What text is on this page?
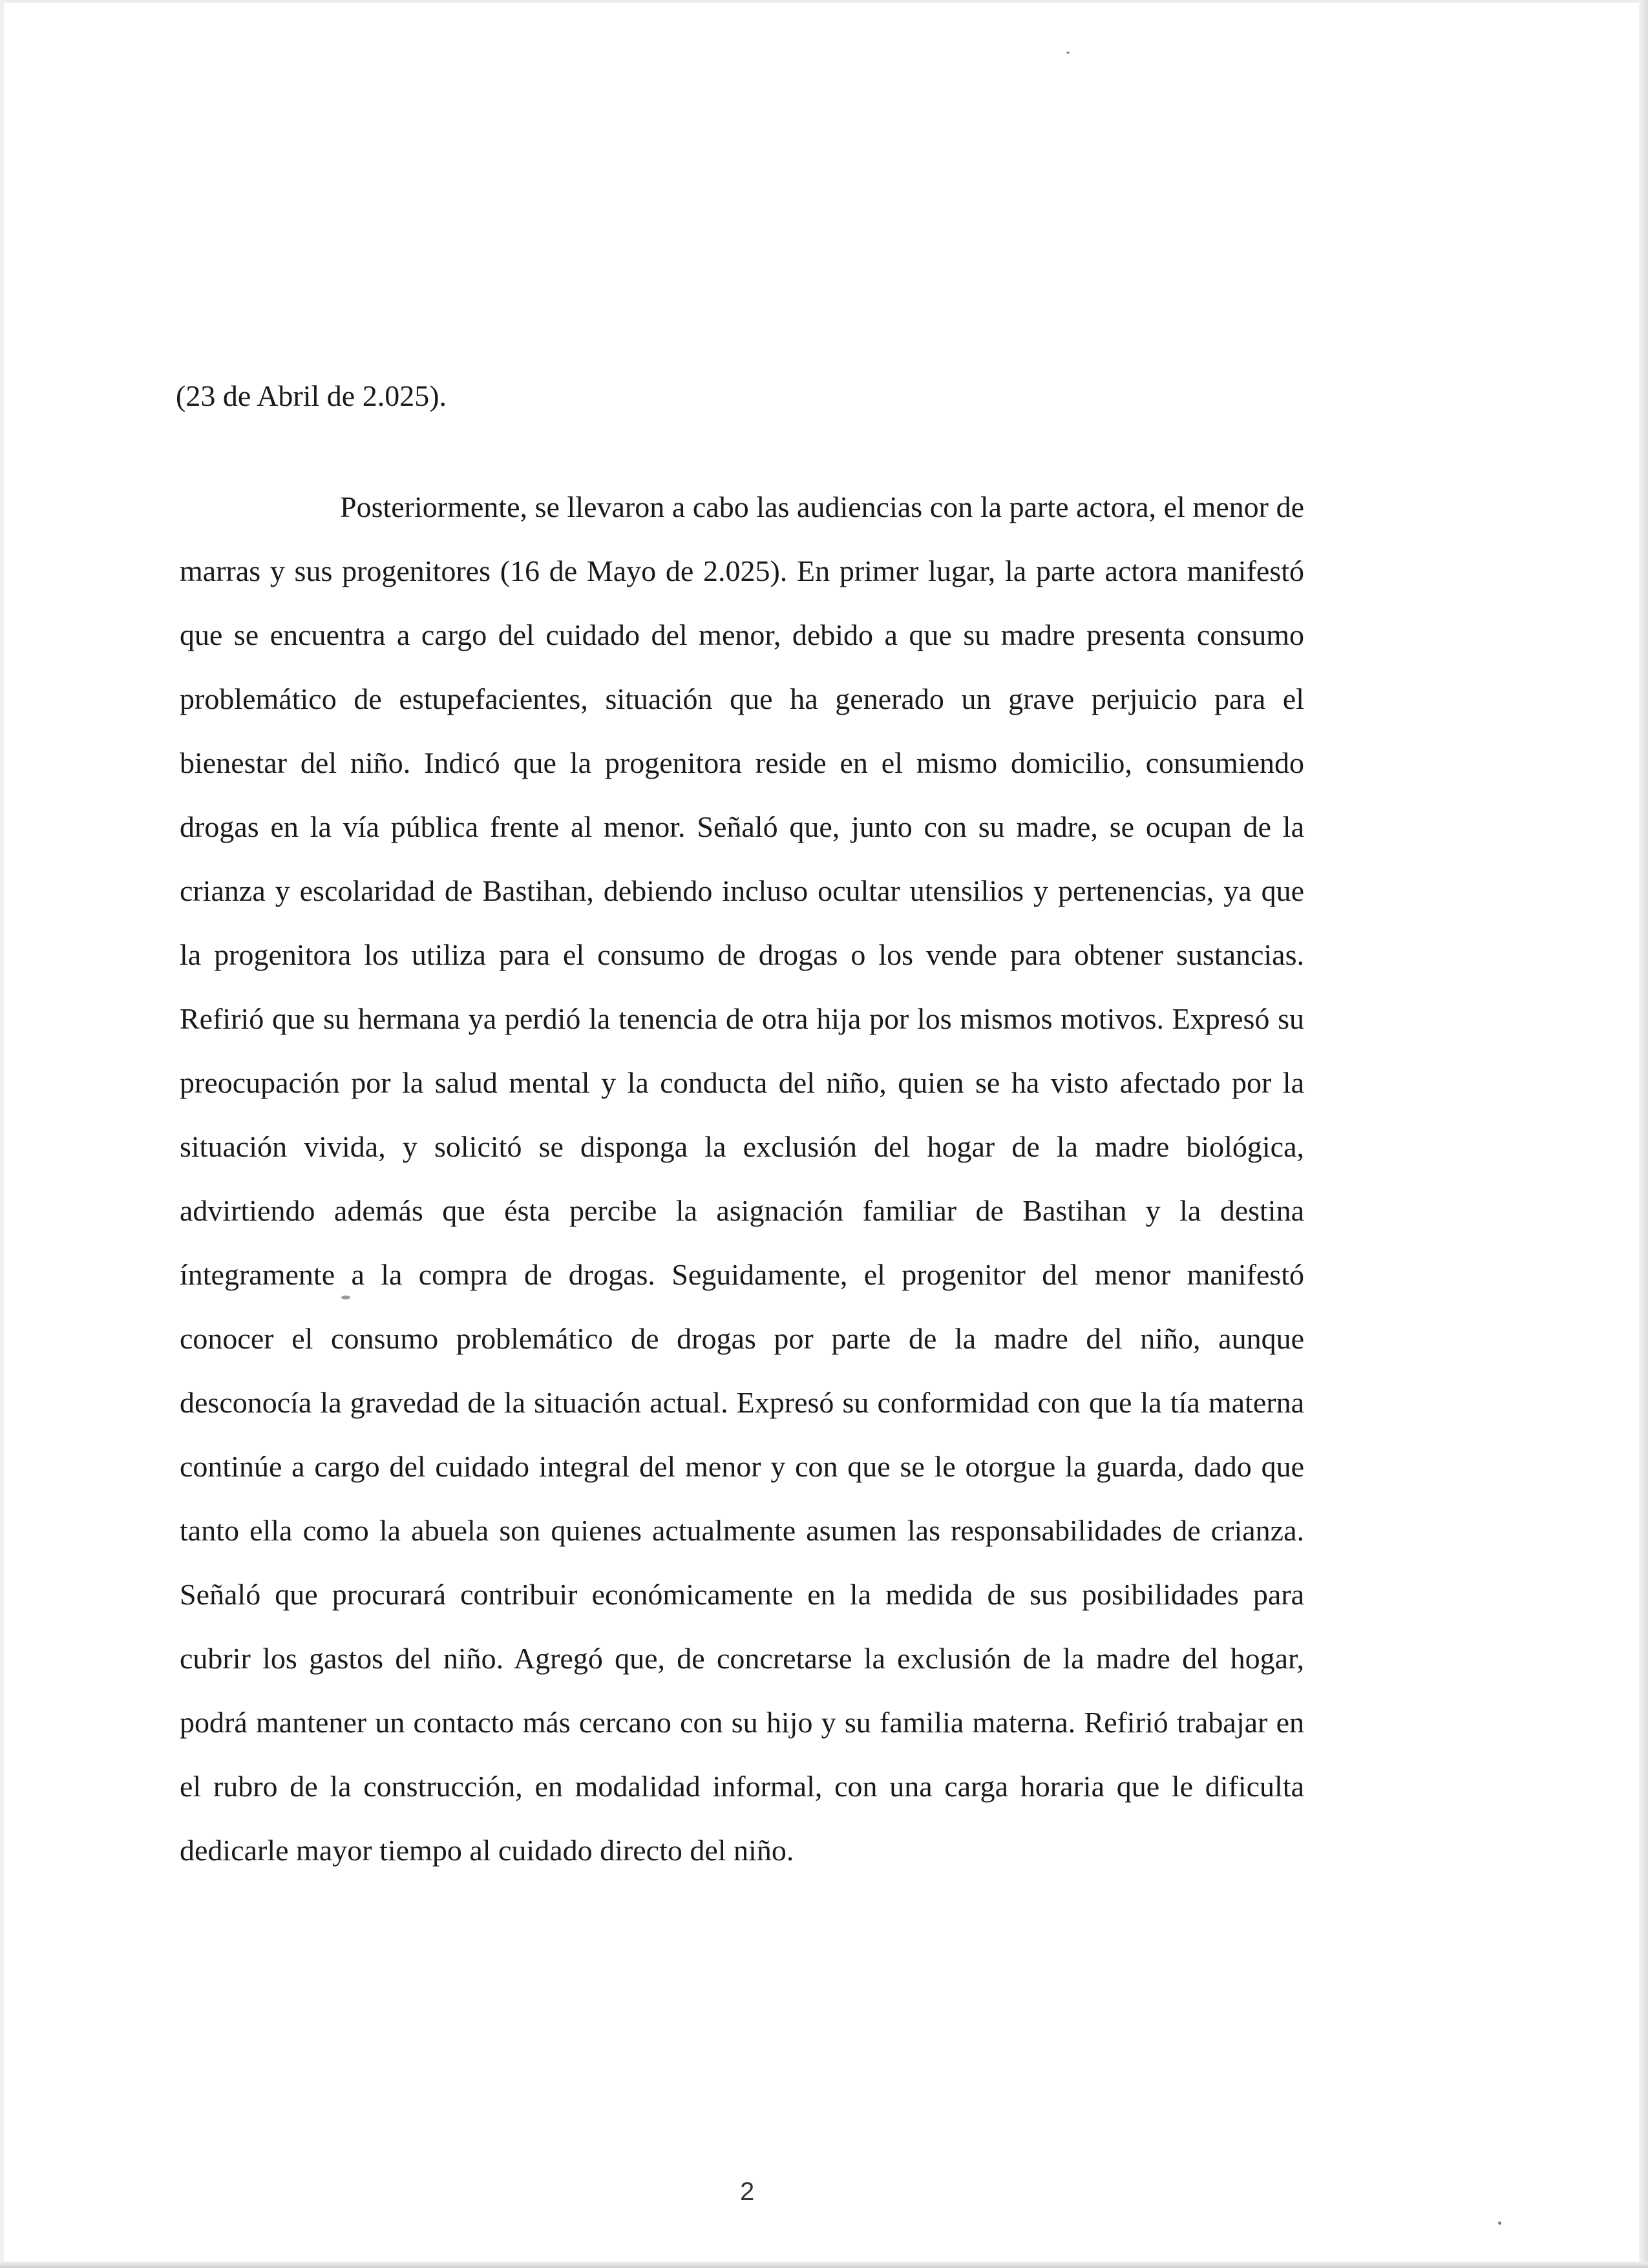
(23 de Abril de 2.025).

Posteriormente, se llevaron a cabo las audiencias con la parte actora, el menor de marras y sus progenitores (16 de Mayo de 2.025). En primer lugar, la parte actora manifestó que se encuentra a cargo del cuidado del menor, debido a que su madre presenta consumo problemático de estupefacientes, situación que ha generado un grave perjuicio para el bienestar del niño. Indicó que la progenitora reside en el mismo domicilio, consumiendo drogas en la vía pública frente al menor. Señaló que, junto con su madre, se ocupan de la crianza y escolaridad de Bastihan, debiendo incluso ocultar utensilios y pertenencias, ya que la progenitora los utiliza para el consumo de drogas o los vende para obtener sustancias. Refirió que su hermana ya perdió la tenencia de otra hija por los mismos motivos. Expresó su preocupación por la salud mental y la conducta del niño, quien se ha visto afectado por la situación vivida, y solicitó se disponga la exclusión del hogar de la madre biológica, advirtiendo además que ésta percibe la asignación familiar de Bastihan y la destina íntegramente a la compra de drogas. Seguidamente, el progenitor del menor manifestó conocer el consumo problemático de drogas por parte de la madre del niño, aunque desconocía la gravedad de la situación actual. Expresó su conformidad con que la tía materna continúe a cargo del cuidado integral del menor y con que se le otorgue la guarda, dado que tanto ella como la abuela son quienes actualmente asumen las responsabilidades de crianza. Señaló que procurará contribuir económicamente en la medida de sus posibilidades para cubrir los gastos del niño. Agregó que, de concretarse la exclusión de la madre del hogar, podrá mantener un contacto más cercano con su hijo y su familia materna. Refirió trabajar en el rubro de la construcción, en modalidad informal, con una carga horaria que le dificulta dedicarle mayor tiempo al cuidado directo del niño.

2
